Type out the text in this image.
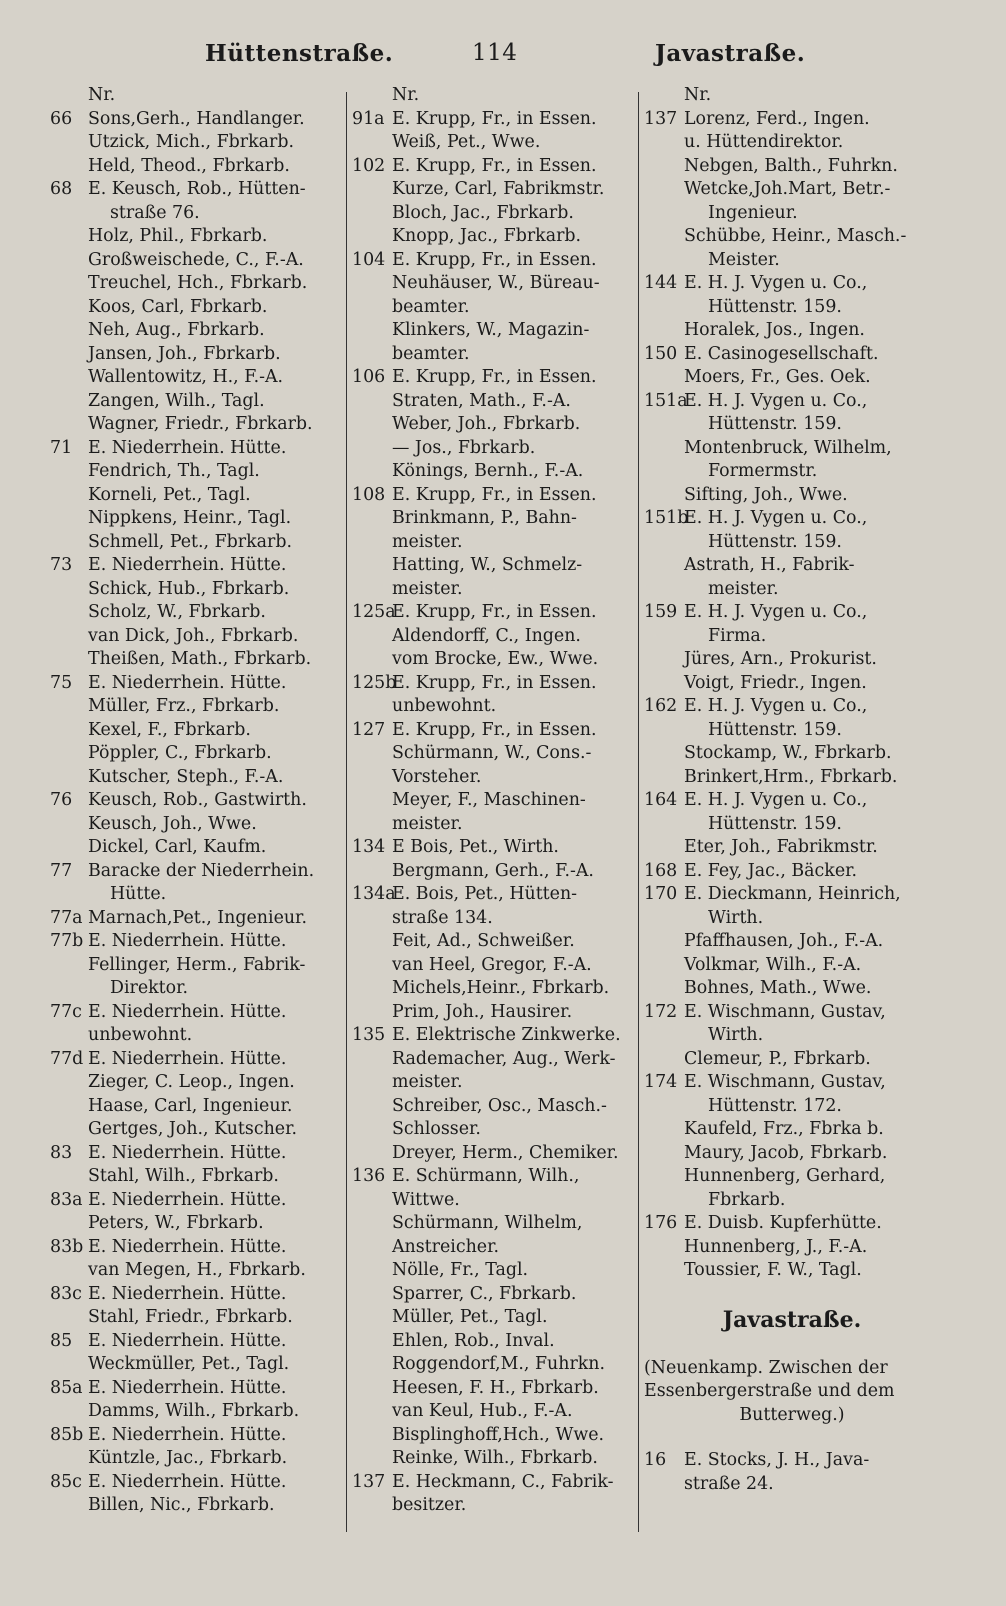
Hüttenstraße.	114	Javastraße.
Nr.
66 Sons,Gerh., Handlanger.
Utzick, Mich., Fbrkarb.
Held, Theod., Fbrkarb.
68 E. Keusch, Rob., Hütten-
straße 76.
Holz, Phil., Fbrkarb.
Großweischede, C., F.-A.
Treuchel, Hch., Fbrkarb.
Koos, Carl, Fbrkarb.
Neh, Aug., Fbrkarb.
Jansen, Joh., Fbrkarb.
Wallentowitz, H., F.-A.
Zangen, Wilh., Tagl.
Wagner, Friedr., Fbrkarb.
71 E. Niederrhein. Hütte.
Fendrich, Th., Tagl.
Korneli, Pet., Tagl.
Nippkens, Heinr., Tagl.
Schmell, Pet., Fbrkarb.
73 E. Niederrhein. Hütte.
Schick, Hub., Fbrkarb.
Scholz, W., Fbrkarb.
van Dick, Joh., Fbrkarb.
Theißen, Math., Fbrkarb.
75 E. Niederrhein. Hütte.
Müller, Frz., Fbrkarb.
Kexel, F., Fbrkarb.
Pöppler, C., Fbrkarb.
Kutscher, Steph., F.-A.
76 Keusch, Rob., Gastwirth.
Keusch, Joh., Wwe.
Dickel, Carl, Kaufm.
77 Baracke der Niederrhein.
Hütte.
77a Marnach,Pet., Ingenieur.
77b E. Niederrhein. Hütte.
Fellinger, Herm., Fabrik-
Direktor.
77c E. Niederrhein. Hütte.
unbewohnt.
77d E. Niederrhein. Hütte.
Zieger, C. Leop., Ingen.
Haase, Carl, Ingenieur.
Gertges, Joh., Kutscher.
83 E. Niederrhein. Hütte.
Stahl, Wilh., Fbrkarb.
83a E. Niederrhein. Hütte.
Peters, W., Fbrkarb.
83b E. Niederrhein. Hütte.
van Megen, H., Fbrkarb.
83c E. Niederrhein. Hütte.
Stahl, Friedr., Fbrkarb.
85 E. Niederrhein. Hütte.
Weckmüller, Pet., Tagl.
85a E. Niederrhein. Hütte.
Damms, Wilh., Fbrkarb.
85b E. Niederrhein. Hütte.
Küntzle, Jac., Fbrkarb.
85c E. Niederrhein. Hütte.
Billen, Nic., Fbrkarb.
Nr.
91a E. Krupp, Fr., in Essen.
Weiß, Pet., Wwe.
102 E. Krupp, Fr., in Essen.
Kurze, Carl, Fabrikmstr.
Bloch, Jac., Fbrkarb.
Knopp, Jac., Fbrkarb.
104 E. Krupp, Fr., in Essen.
Neuhäuser, W., Büreau-
beamter.
Klinkers, W., Magazin-
beamter.
106 E. Krupp, Fr., in Essen.
Straten, Math., F.-A.
Weber, Joh., Fbrkarb.
— Jos., Fbrkarb.
Könings, Bernh., F.-A.
108 E. Krupp, Fr., in Essen.
Brinkmann, P., Bahn-
meister.
Hatting, W., Schmelz-
meister.
125aE. Krupp, Fr., in Essen.
Aldendorff, C., Ingen.
vom Brocke, Ew., Wwe.
125bE. Krupp, Fr., in Essen.
unbewohnt.
127 E. Krupp, Fr., in Essen.
Schürmann, W., Cons.-
Vorsteher.
Meyer, F., Maschinen-
meister.
134 E Bois, Pet., Wirth.
Bergmann, Gerh., F.-A.
134aE. Bois, Pet., Hütten-
straße 134.
Feit, Ad., Schweißer.
van Heel, Gregor, F.-A.
Michels,Heinr., Fbrkarb.
Prim, Joh., Hausirer.
135 E. Elektrische Zinkwerke.
Rademacher, Aug., Werk-
meister.
Schreiber, Osc., Masch.-
Schlosser.
Dreyer, Herm., Chemiker.
136 E. Schürmann, Wilh.,
Wittwe.
Schürmann, Wilhelm,
Anstreicher.
Nölle, Fr., Tagl.
Sparrer, C., Fbrkarb.
Müller, Pet., Tagl.
Ehlen, Rob., Inval.
Roggendorf,M., Fuhrkn.
Heesen, F. H., Fbrkarb.
van Keul, Hub., F.-A.
Bisplinghoff,Hch., Wwe.
Reinke, Wilh., Fbrkarb.
137 E. Heckmann, C., Fabrik-
besitzer.
Nr.
137 Lorenz, Ferd., Ingen.
u. Hüttendirektor.
Nebgen, Balth., Fuhrkn.
Wetcke,Joh.Mart, Betr.-
Ingenieur.
Schübbe, Heinr., Masch.-
Meister.
144 E. H. J. Vygen u. Co.,
Hüttenstr. 159.
Horalek, Jos., Ingen.
150 E. Casinogesellschaft.
Moers, Fr., Ges. Oek.
151aE. H. J. Vygen u. Co.,
Hüttenstr. 159.
Montenbruck, Wilhelm,
Formermstr.
Sifting, Joh., Wwe.
151bE. H. J. Vygen u. Co.,
Hüttenstr. 159.
Astrath, H., Fabrik-
meister.
159 E. H. J. Vygen u. Co.,
Firma.
Jüres, Arn., Prokurist.
Voigt, Friedr., Ingen.
162 E. H. J. Vygen u. Co.,
Hüttenstr. 159.
Stockamp, W., Fbrkarb.
Brinkert,Hrm., Fbrkarb.
164 E. H. J. Vygen u. Co.,
Hüttenstr. 159.
Eter, Joh., Fabrikmstr.
168 E. Fey, Jac., Bäcker.
170 E. Dieckmann, Heinrich,
Wirth.
Pfaffhausen, Joh., F.-A.
Volkmar, Wilh., F.-A.
Bohnes, Math., Wwe.
172 E. Wischmann, Gustav,
Wirth.
Clemeur, P., Fbrkarb.
174 E. Wischmann, Gustav,
Hüttenstr. 172.
Kaufeld, Frz., Fbrka b.
Maury, Jacob, Fbrkarb.
Hunnenberg, Gerhard,
Fbrkarb.
176 E. Duisb. Kupferhütte.
Hunnenberg, J., F.-A.
Toussier, F. W., Tagl.
Javastraße.
(Neuenkamp. Zwischen der
Essenbergerstraße und dem
Butterweg.)
16 E. Stocks, J. H., Java-
straße 24.
